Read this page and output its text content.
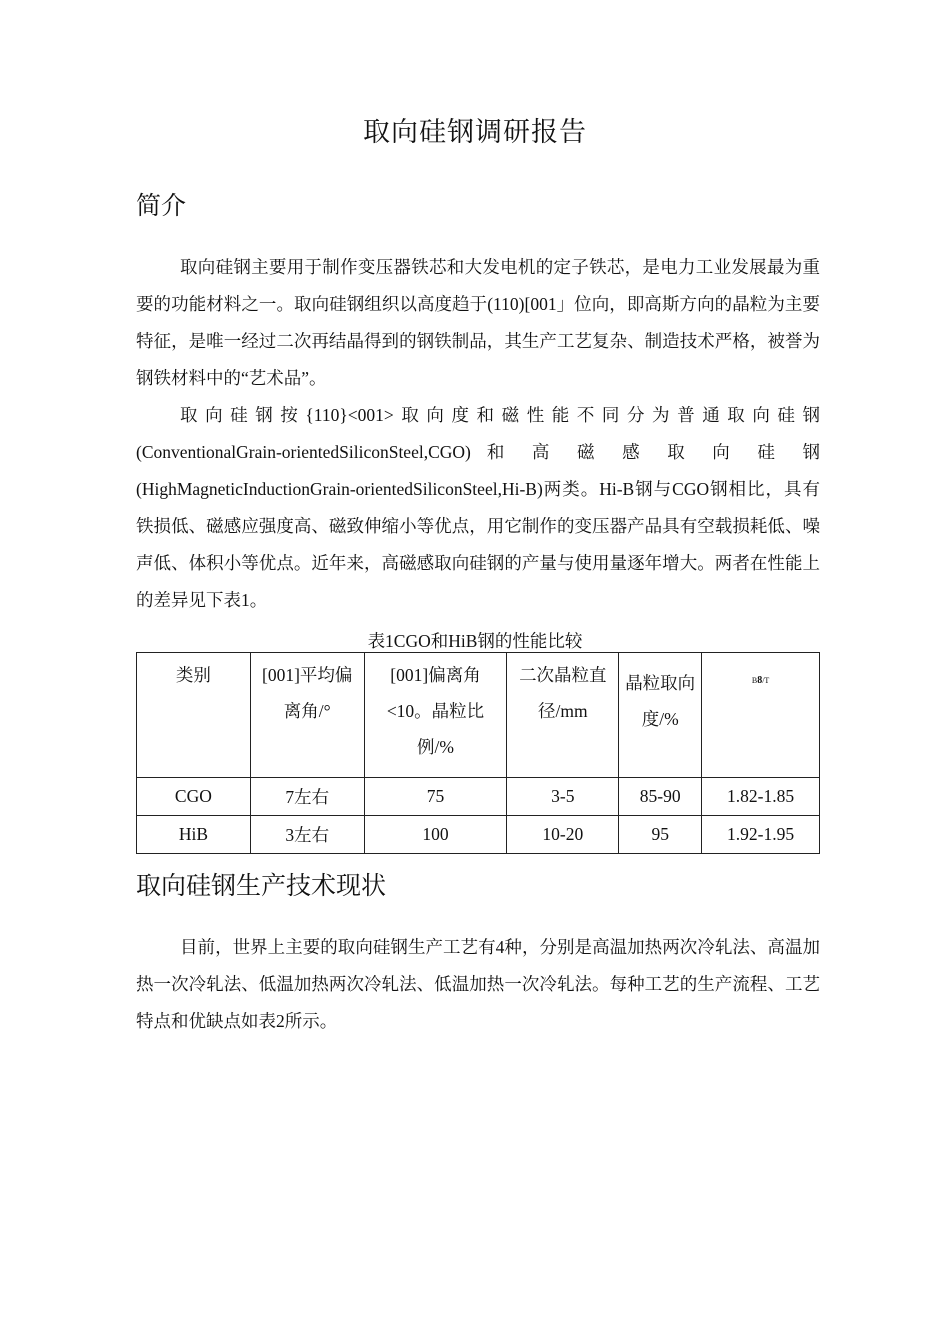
取向硅钢调研报告
简介
取向硅钢主要用于制作变压器铁芯和大发电机的定子铁芯，是电力工业发展最为重要的功能材料之一。取向硅钢组织以高度趋于(110)[001」位向，即高斯方向的晶粒为主要特征，是唯一经过二次再结晶得到的钢铁制品，其生产工艺复杂、制造技术严格，被誉为钢铁材料中的“艺术品”。
取向硅钢按{110}<001>取向度和磁性能不同分为普通取向硅钢
(ConventionalGrain-orientedSiliconSteel,CGO) 和 高 磁 感 取 向 硅 钢
(HighMagneticInductionGrain-orientedSiliconSteel,Hi-B)两类。Hi-B钢与CGO钢相比，具有铁损低、磁感应强度高、磁致伸缩小等优点，用它制作的变压器产品具有空载损耗低、噪声低、体积小等优点。近年来，高磁感取向硅钢的产量与使用量逐年增大。两者在性能上的差异见下表1。
表1CGO和HiB钢的性能比较
类别	[001]平均偏离角/°	[001]偏离角<10。晶粒比例/%	二次晶粒直径/mm	晶粒取向度/%	B8/T
CGO	7左右	75	3-5	85-90	1.82-1.85
HiB	3左右	100	10-20	95	1.92-1.95
取向硅钢生产技术现状
目前，世界上主要的取向硅钢生产工艺有4种，分别是高温加热两次冷轧法、高温加热一次冷轧法、低温加热两次冷轧法、低温加热一次冷轧法。每种工艺的生产流程、工艺特点和优缺点如表2所示。
